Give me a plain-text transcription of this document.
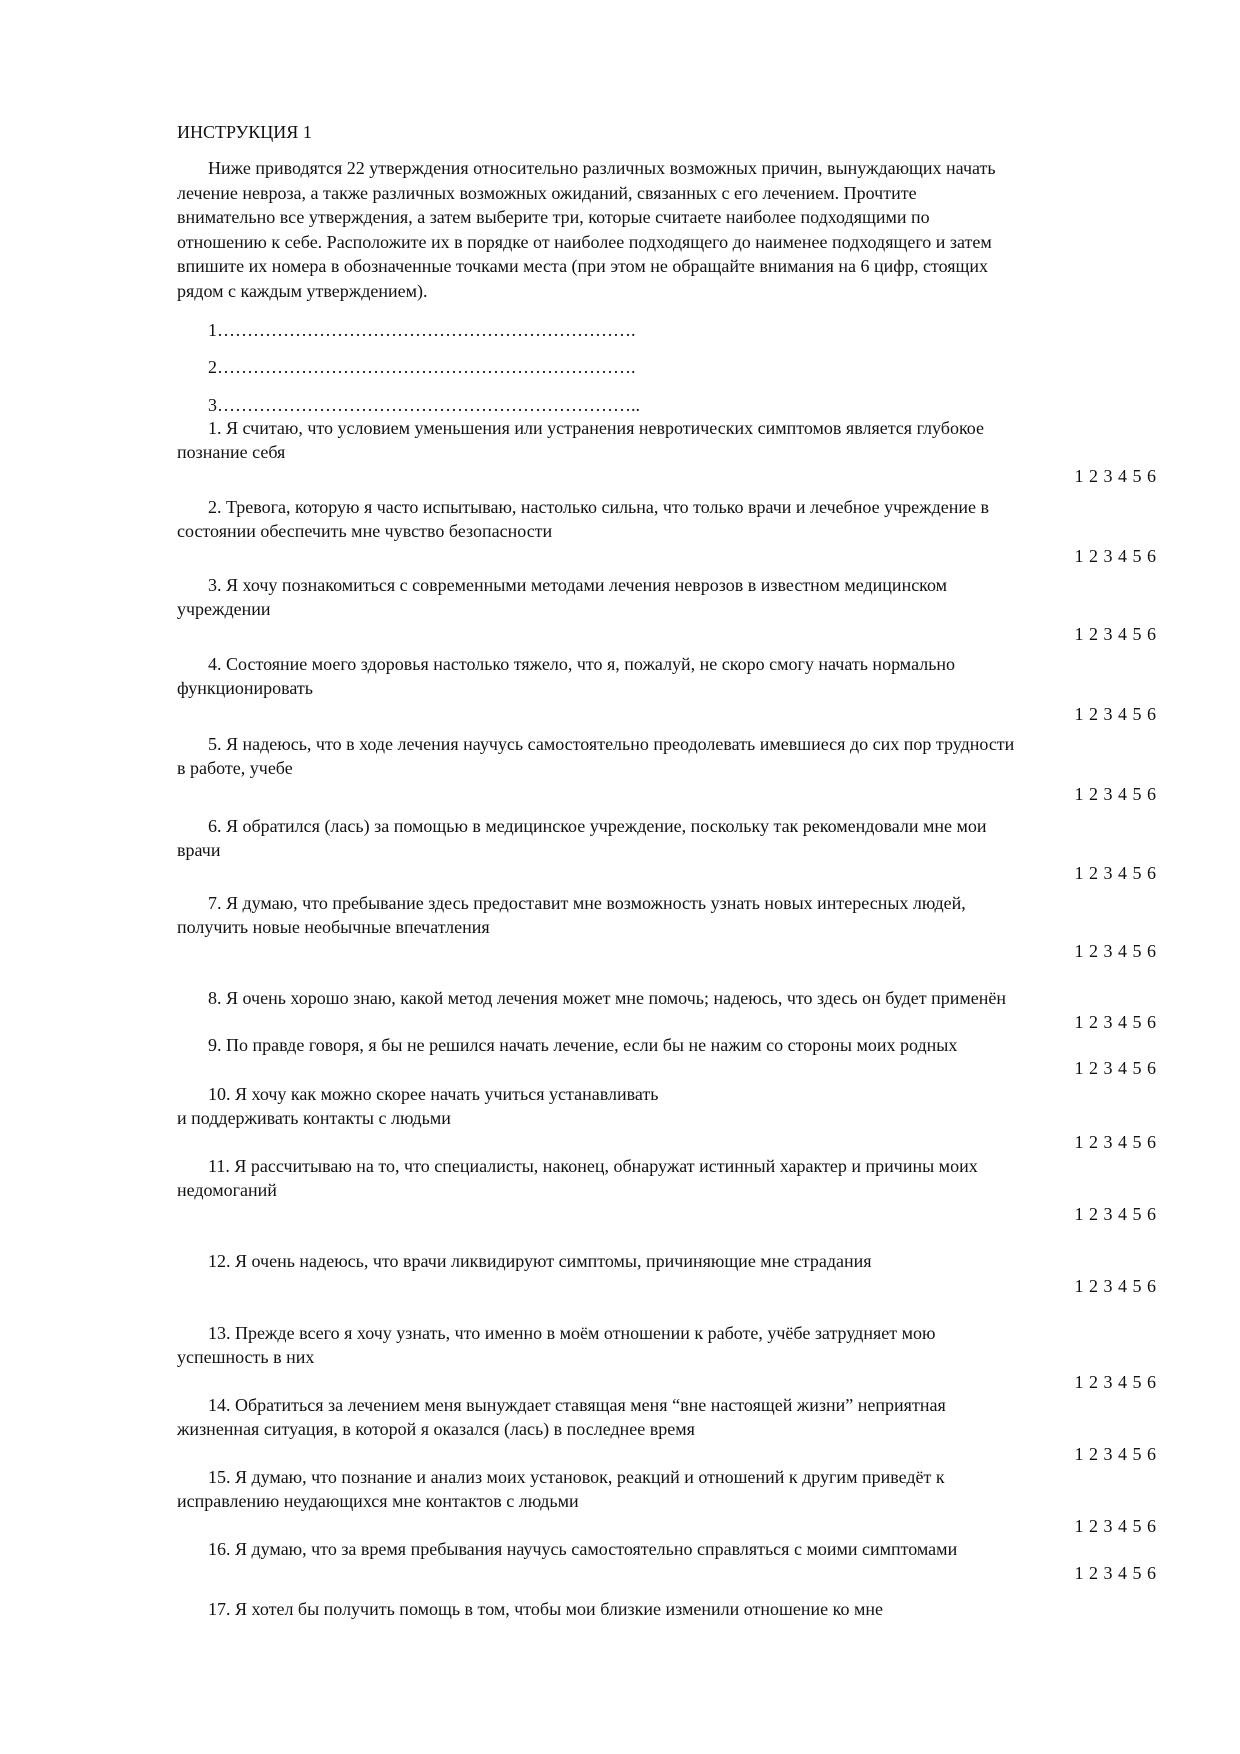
ИНСТРУКЦИЯ 1
Ниже приводятся 22 утверждения относительно различных возможных причин, вынуждающих начать
лечение невроза, а также различных возможных ожиданий, связанных с его лечением. Прочтите
внимательно все утверждения, а затем выберите три, которые считаете наиболее подходящими по
отношению к себе. Расположите их в порядке от наиболее подходящего до наименее подходящего и затем
впишите их номера в обозначенные точками места (при этом не обращайте внимания на 6 цифр, стоящих
рядом с каждым утверждением).
1…………………………………………………………….
2…………………………………………………………….
3……………………………………………………………..
1. Я считаю, что условием уменьшения или устранения невротических симптомов является глубокое
познание себя
1 2 3 4 5 6
2. Тревога, которую я часто испытываю, настолько сильна, что только врачи и лечебное учреждение в
состоянии обеспечить мне чувство безопасности
1 2 3 4 5 6
3. Я хочу познакомиться с современными методами лечения неврозов в известном медицинском
учреждении
1 2 3 4 5 6
4. Состояние моего здоровья настолько тяжело, что я, пожалуй, не скоро смогу начать нормально
функционировать
1 2 3 4 5 6
5. Я надеюсь, что в ходе лечения научусь самостоятельно преодолевать имевшиеся до сих пор трудности
в работе, учебе
1 2 3 4 5 6
6. Я обратился (лась) за помощью в медицинское учреждение, поскольку так рекомендовали мне мои
врачи
1 2 3 4 5 6
7. Я думаю, что пребывание здесь предоставит мне возможность узнать новых интересных людей,
получить новые необычные впечатления
1 2 3 4 5 6
8. Я очень хорошо знаю, какой метод лечения может мне помочь; надеюсь, что здесь он будет применён
1 2 3 4 5 6
9. По правде говоря, я бы не решился начать лечение, если бы не нажим со стороны моих родных
1 2 3 4 5 6
10. Я хочу как можно скорее начать учиться устанавливать
и поддерживать контакты с людьми
1 2 3 4 5 6
11. Я рассчитываю на то, что специалисты, наконец, обнаружат истинный характер и причины моих
недомоганий
1 2 3 4 5 6
12. Я очень надеюсь, что врачи ликвидируют симптомы, причиняющие мне страдания
1 2 3 4 5 6
13. Прежде всего я хочу узнать, что именно в моём отношении к работе, учёбе затрудняет мою
успешность в них
1 2 3 4 5 6
14. Обратиться за лечением меня вынуждает ставящая меня “вне настоящей жизни” неприятная
жизненная ситуация, в которой я оказался (лась) в последнее время
1 2 3 4 5 6
15. Я думаю, что познание и анализ моих установок, реакций и отношений к другим приведёт к
исправлению неудающихся мне контактов с людьми
1 2 3 4 5 6
16. Я думаю, что за время пребывания научусь самостоятельно справляться с моими симптомами
1 2 3 4 5 6
17. Я хотел бы получить помощь в том, чтобы мои близкие изменили отношение ко мне
